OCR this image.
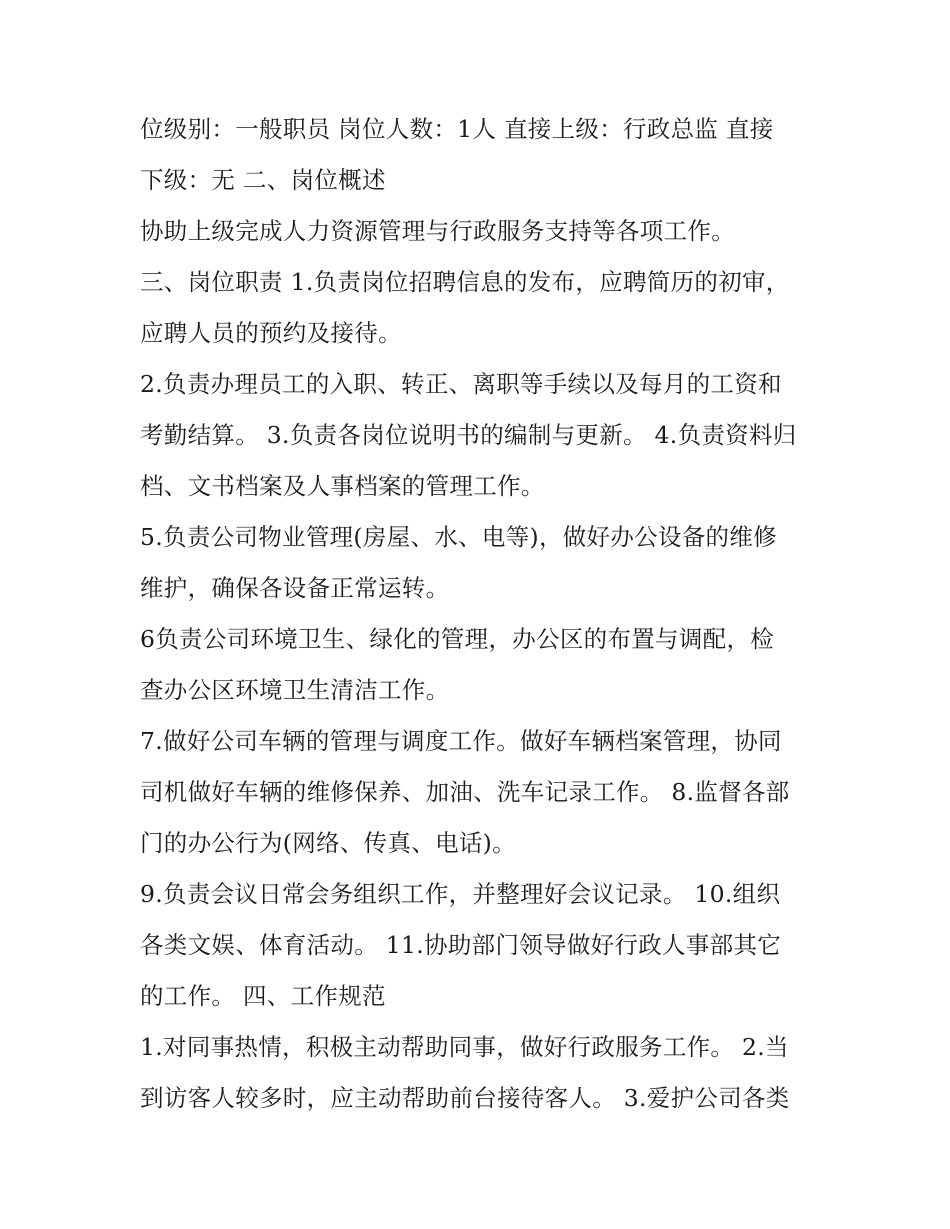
位级别：一般职员 岗位人数：1人 直接上级：行政总监 直接
下级：无 二、岗位概述
协助上级完成人力资源管理与行政服务支持等各项工作。
三、岗位职责 1.负责岗位招聘信息的发布，应聘简历的初审，
应聘人员的预约及接待。
2.负责办理员工的入职、转正、离职等手续以及每月的工资和
考勤结算。 3.负责各岗位说明书的编制与更新。 4.负责资料归
档、文书档案及人事档案的管理工作。
5.负责公司物业管理(房屋、水、电等)，做好办公设备的维修
维护，确保各设备正常运转。
6负责公司环境卫生、绿化的管理，办公区的布置与调配，检
查办公区环境卫生清洁工作。
7.做好公司车辆的管理与调度工作。做好车辆档案管理，协同
司机做好车辆的维修保养、加油、洗车记录工作。 8.监督各部
门的办公行为(网络、传真、电话)。
9.负责会议日常会务组织工作，并整理好会议记录。 10.组织
各类文娱、体育活动。 11.协助部门领导做好行政人事部其它
的工作。 四、工作规范
1.对同事热情，积极主动帮助同事，做好行政服务工作。 2.当
到访客人较多时，应主动帮助前台接待客人。 3.爱护公司各类
